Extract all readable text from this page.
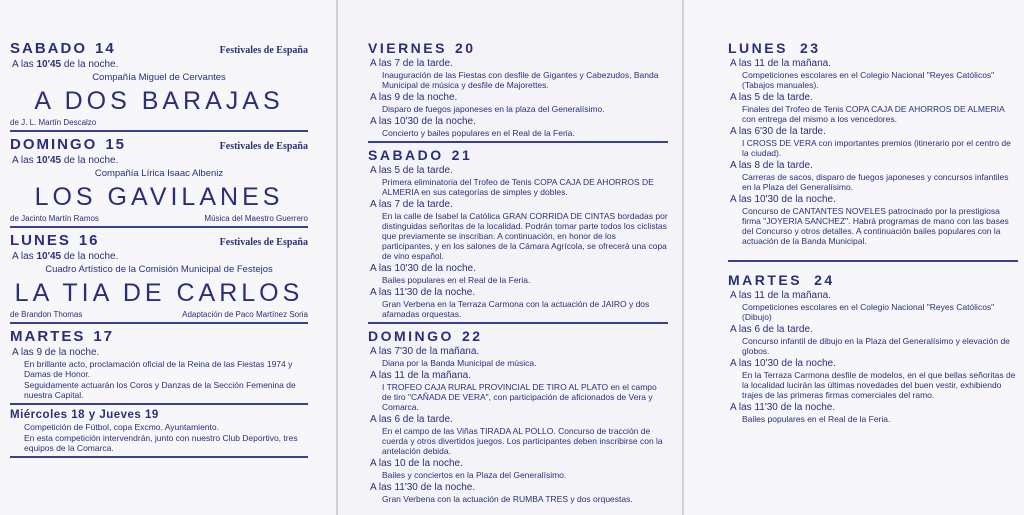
SABADO 14	Festivales de España
A las 10'45 de la noche.
Compañía Miguel de Cervantes
A DOS BARAJAS
de J. L. Martín Descalzo
DOMINGO 15	Festivales de España
A las 10'45 de la noche.
Compañía Lírica Isaac Albeniz
LOS GAVILANES
de Jacinto Martín Ramos	Música del Maestro Guerrero
LUNES 16	Festivales de España
A las 10'45 de la noche.
Cuadro Artístico de la Comisión Municipal de Festejos
LA TIA DE CARLOS
de Brandon Thomas	Adaptación de Paco Martínez Soria
MARTES 17
A las 9 de la noche.
En brillante acto, proclamación oficial de la Reina de las Fiestas 1974 y Damas de Honor.
Seguidamente actuarán los Coros y Danzas de la Sección Femenina de nuestra Capital.
Miércoles 18 y Jueves 19
Competición de Fútbol, copa Excmo. Ayuntamiento.
En esta competición intervendrán, junto con nuestro Club Deportivo, tres equipos de la Comarca.
VIERNES 20
A las 7 de la tarde.
Inauguración de las Fiestas con desfile de Gigantes y Cabezudos, Banda Municipal de música y desfile de Majorettes.
A las 9 de la noche.
Disparo de fuegos japoneses en la plaza del Generalísimo.
A las 10'30 de la noche.
Concierto y bailes populares en el Real de la Feria.
SABADO 21
A las 5 de la tarde.
Primera eliminatoria del Trofeo de Tenis COPA CAJA DE AHORROS DE ALMERIA en sus categorías de simples y dobles.
A las 7 de la tarde.
En la calle de Isabel la Católica GRAN CORRIDA DE CINTAS bordadas por distinguidas señoritas de la localidad. Podrán tomar parte todos los ciclistas que previamente se inscriban. A continuación, en honor de los participantes, y en los salones de la Cámara Agrícola, se ofrecerá una copa de vino español.
A las 10'30 de la noche.
Bailes populares en el Real de la Feria.
A las 11'30 de la noche.
Gran Verbena en la Terraza Carmona con la actuación de JAIRO y dos afamadas orquestas.
DOMINGO 22
A las 7'30 de la mañana.
Diana por la Banda Municipal de música.
A las 11 de la mañana.
I TROFEO CAJA RURAL PROVINCIAL DE TIRO AL PLATO en el campo de tiro "CAÑADA DE VERA", con participación de aficionados de Vera y Comarca.
A las 6 de la tarde.
En el campo de las Viñas TIRADA AL POLLO. Concurso de tracción de cuerda y otros divertidos juegos. Los participantes deben inscribirse con la antelación debida.
A las 10 de la noche.
Bailes y conciertos en la Plaza del Generalísimo.
A las 11'30 de la noche.
Gran Verbena con la actuación de RUMBA TRES y dos orquestas.
LUNES 23
A las 11 de la mañana.
Competiciones escolares en el Colegio Nacional "Reyes Católicos" (Tabajos manuales).
A las 5 de la tarde.
Finales del Trofeo de Tenis COPA CAJA DE AHORROS DE ALMERIA con entrega del mismo a los vencedores.
A las 6'30 de la tarde.
I CROSS DE VERA con importantes premios (itinerario por el centro de la ciudad).
A las 8 de la tarde.
Carreras de sacos, disparo de fuegos japoneses y concursos infantiles en la Plaza del Generalísimo.
A las 10'30 de la noche.
Concurso de CANTANTES NOVELES patrocinado por la prestigiosa firma "JOYERIA SANCHEZ". Habrá programas de mano con las bases del Concurso y otros detalles. A continuación bailes populares con la actuación de la Banda Municipal.
MARTES 24
A las 11 de la mañana.
Competiciones escolares en el Colegio Nacional "Reyes Católicos" (Dibujo)
A las 6 de la tarde.
Concurso infantil de dibujo en la Plaza del Generalísimo y elevación de globos.
A las 10'30 de la noche.
En la Terraza Carmona desfile de modelos, en el que bellas señoritas de la localidad lucirán las últimas novedades del buen vestir, exhibiendo trajes de las primeras firmas comerciales del ramo.
A las 11'30 de la noche.
Bailes populares en el Real de la Feria.
